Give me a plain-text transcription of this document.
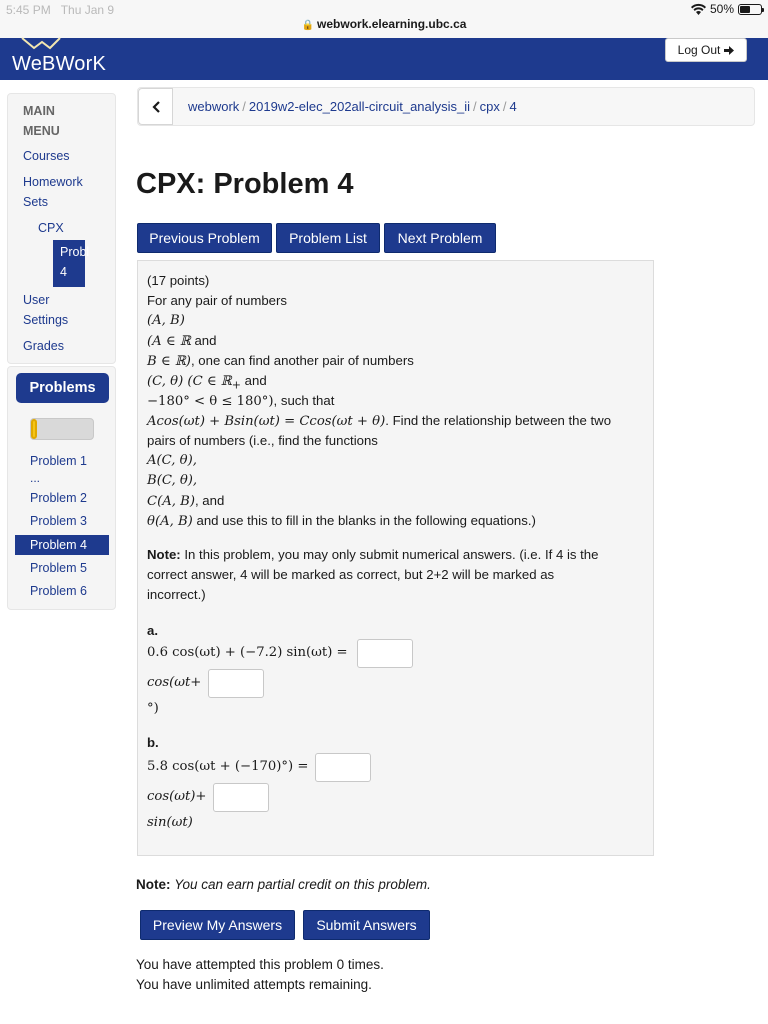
5:45 PM Thu Jan 9	50%
🔒 webwork.elearning.ubc.ca
WeBWorK
Log Out
MAIN
MENU
Courses
Homework
Sets
CPX
Probl
4
User
Settings
Grades
Problems
Problem 1
...
Problem 2
Problem 3
Problem 4
Problem 5
Problem 6
webwork / 2019w2-elec_202all-circuit_analysis_ii / cpx / 4
CPX: Problem 4
Previous Problem	Problem List	Next Problem
(17 points)
For any pair of numbers
(A, B)
(A ∈ ℝ and
B ∈ ℝ), one can find another pair of numbers
(C, θ) (C ∈ ℝ$_+$ and
−180° < θ ≤ 180°), such that
Acos(ωt) + Bsin(ωt) = Ccos(ωt + θ). Find the relationship between the two
pairs of numbers (i.e., find the functions
A(C, θ),
B(C, θ),
C(A, B), and
θ(A, B) and use this to fill in the blanks in the following equations.)
Note: In this problem, you may only submit numerical answers. (i.e. If 4 is the
correct answer, 4 will be marked as correct, but 2+2 will be marked as
incorrect.)
a.
0.6 cos(ωt) + (−7.2) sin(ωt) =
cos(ωt+
°)
b.
5.8 cos(ωt + (−170)°) =
cos(ωt)+
sin(ωt)
Note: You can earn partial credit on this problem.
Preview My Answers	Submit Answers
You have attempted this problem 0 times.
You have unlimited attempts remaining.
